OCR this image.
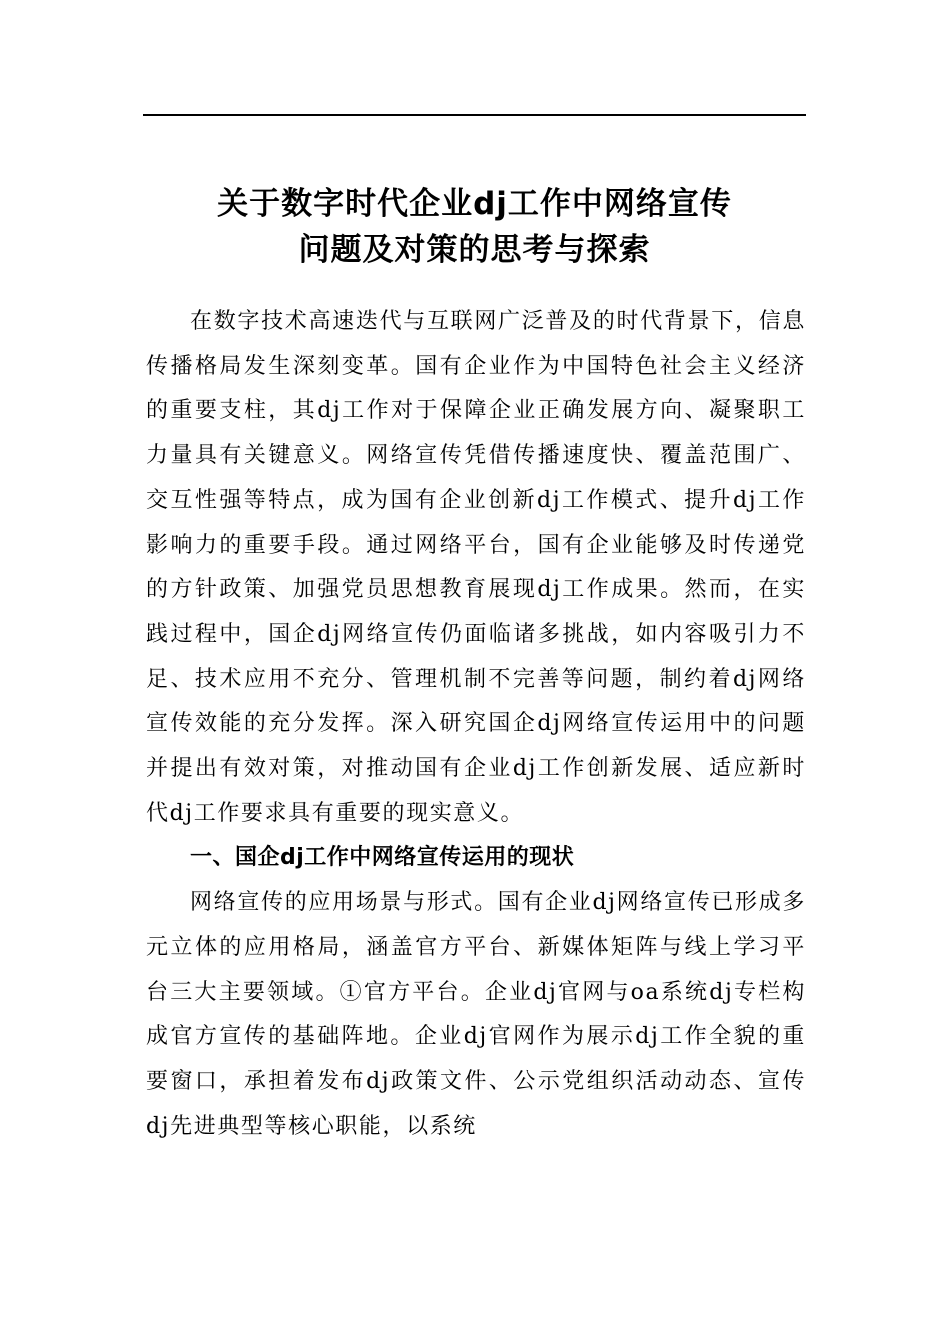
关于数字时代企业dj工作中网络宣传
问题及对策的思考与探索

在数字技术高速迭代与互联网广泛普及的时代背景下，信息传播格局发生深刻变革。国有企业作为中国特色社会主义经济的重要支柱，其dj工作对于保障企业正确发展方向、凝聚职工力量具有关键意义。网络宣传凭借传播速度快、覆盖范围广、交互性强等特点，成为国有企业创新dj工作模式、提升dj工作影响力的重要手段。通过网络平台，国有企业能够及时传递党的方针政策、加强党员思想教育展现dj工作成果。然而，在实践过程中，国企dj网络宣传仍面临诸多挑战，如内容吸引力不足、技术应用不充分、管理机制不完善等问题，制约着dj网络宣传效能的充分发挥。深入研究国企dj网络宣传运用中的问题并提出有效对策，对推动国有企业dj工作创新发展、适应新时代dj工作要求具有重要的现实意义。

一、国企dj工作中网络宣传运用的现状

网络宣传的应用场景与形式。国有企业dj网络宣传已形成多元立体的应用格局，涵盖官方平台、新媒体矩阵与线上学习平台三大主要领域。①官方平台。企业dj官网与oa系统dj专栏构成官方宣传的基础阵地。企业dj官网作为展示dj工作全貌的重要窗口，承担着发布dj政策文件、公示党组织活动动态、宣传dj先进典型等核心职能，以系统
